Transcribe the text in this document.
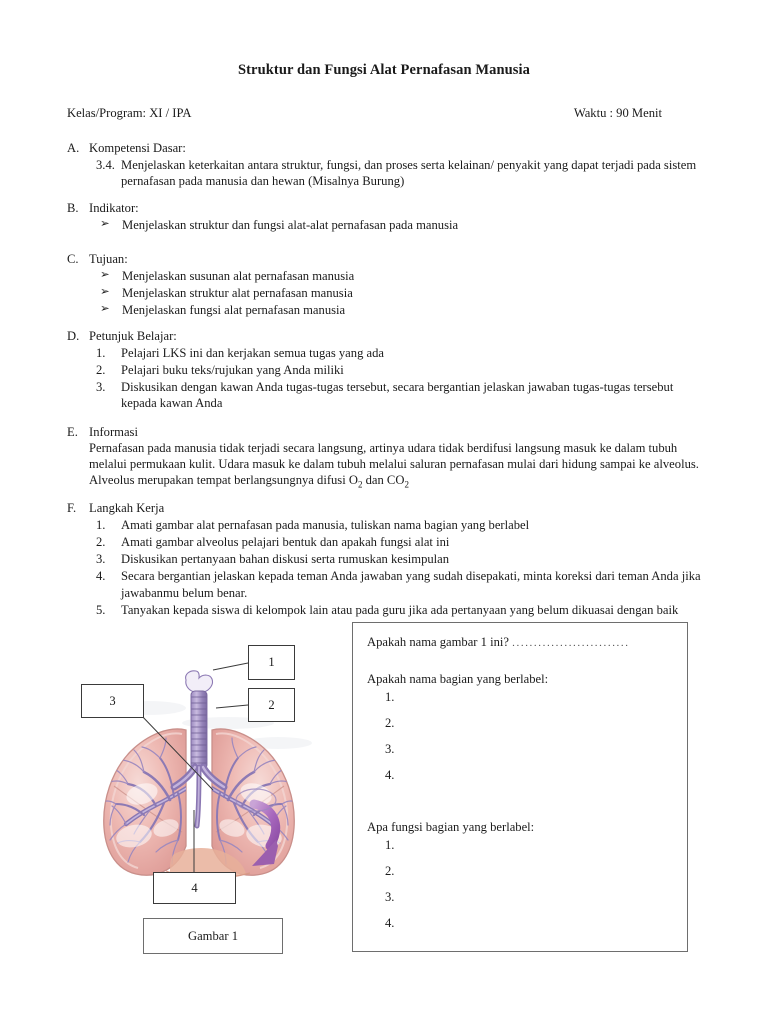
Struktur dan Fungsi Alat Pernafasan Manusia
Kelas/Program: XI / IPA	Waktu : 90 Menit
A. Kompetensi Dasar:
3.4. Menjelaskan keterkaitan antara struktur, fungsi, dan proses serta kelainan/ penyakit yang dapat terjadi pada sistem pernafasan pada manusia dan hewan (Misalnya Burung)
B. Indikator:
➢ Menjelaskan struktur dan fungsi alat-alat pernafasan pada manusia
C. Tujuan:
➢ Menjelaskan susunan alat pernafasan manusia
➢ Menjelaskan struktur alat pernafasan manusia
➢ Menjelaskan fungsi alat pernafasan manusia
D. Petunjuk Belajar:
1.	Pelajari LKS ini dan kerjakan semua tugas yang ada
2.	Pelajari buku teks/rujukan yang Anda miliki
3.	Diskusikan dengan kawan Anda tugas-tugas tersebut, secara bergantian jelaskan jawaban tugas-tugas tersebut kepada kawan Anda
E. Informasi
Pernafasan pada manusia tidak terjadi secara langsung, artinya udara tidak berdifusi langsung masuk ke dalam tubuh melalui permukaan kulit. Udara masuk ke dalam tubuh melalui saluran pernafasan mulai dari hidung sampai ke alveolus. Alveolus merupakan tempat berlangsungnya difusi $O_2$ dan $CO_2$
F.	Langkah Kerja
1.	Amati gambar alat pernafasan pada manusia, tuliskan nama bagian yang berlabel
2.	Amati gambar alveolus pelajari bentuk dan apakah fungsi alat ini
3.	Diskusikan pertanyaan bahan diskusi serta rumuskan kesimpulan
4.	Secara bergantian jelaskan kepada teman Anda jawaban yang sudah disepakati, minta koreksi dari teman Anda jika jawabanmu belum benar.
5.	Tanyakan kepada siswa di kelompok lain atau pada guru jika ada pertanyaan yang belum dikuasai dengan baik
1
2
3
4
Gambar 1
Apakah nama gambar 1 ini? ...........................
Apakah nama bagian yang berlabel:
1.
2.
3.
4.
Apa fungsi bagian yang berlabel:
1.
2.
3.
4.
